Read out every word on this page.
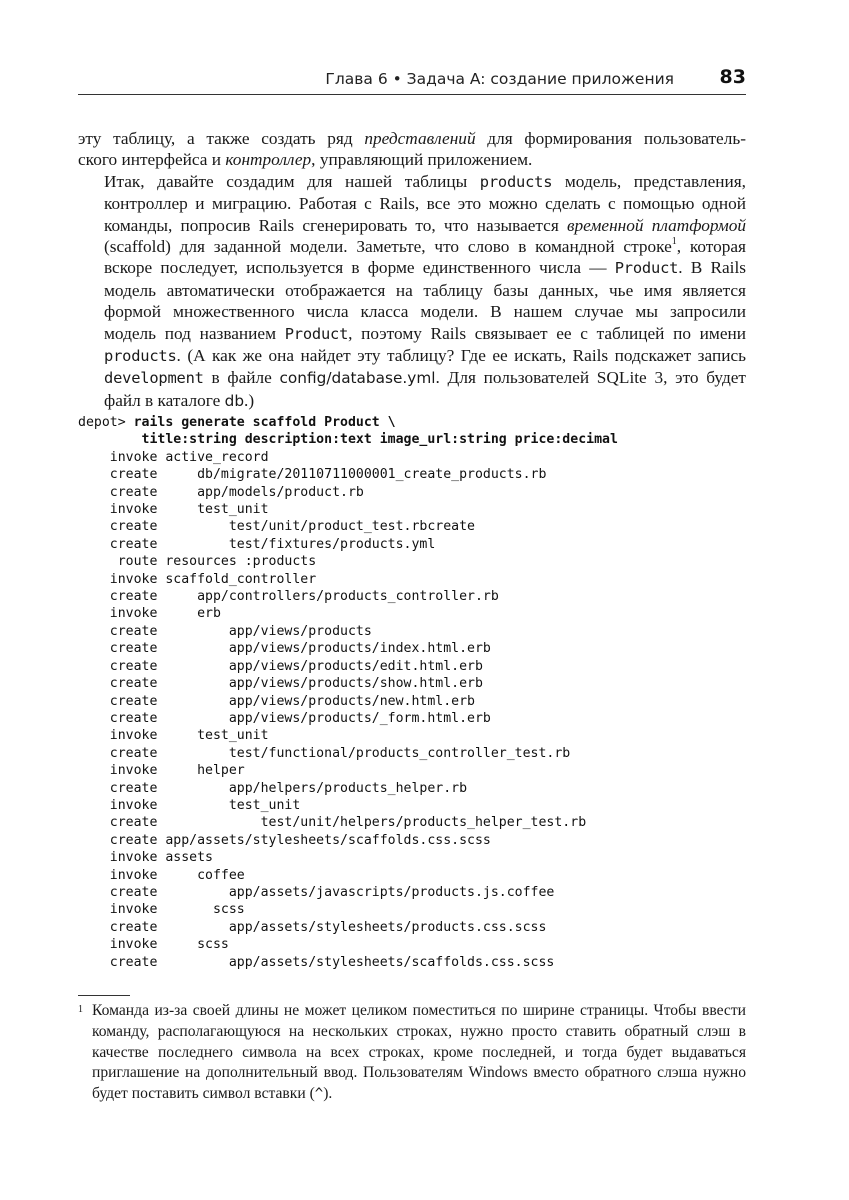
Глава 6 • Задача A: создание приложения 83
эту таблицу, а также создать ряд представлений для формирования пользователь-
ского интерфейса и контроллер, управляющий приложением.
Итак, давайте создадим для нашей таблицы products модель, представления,
контроллер и миграцию. Работая с Rails, все это можно сделать с помощью одной
команды, попросив Rails сгенерировать то, что называется временной платформой
(scaffold) для заданной модели. Заметьте, что слово в командной строке$^1$, которая
вскоре последует, используется в форме единственного числа — Product. В Rails
модель автоматически отображается на таблицу базы данных, чье имя является
формой множественного числа класса модели. В нашем случае мы запросили
модель под названием Product, поэтому Rails связывает ее с таблицей по имени
products. (А как же она найдет эту таблицу? Где ее искать, Rails подскажет запись
development в файле config/database.yml. Для пользователей SQLite 3, это будет
файл в каталоге db.)
depot> rails generate scaffold Product \
title:string description:text image_url:string price:decimal
invoke active_record
create     db/migrate/20110711000001_create_products.rb
create     app/models/product.rb
invoke     test_unit
create         test/unit/product_test.rbcreate
create         test/fixtures/products.yml
route resources :products
invoke scaffold_controller
create     app/controllers/products_controller.rb
invoke     erb
create         app/views/products
create         app/views/products/index.html.erb
create         app/views/products/edit.html.erb
create         app/views/products/show.html.erb
create         app/views/products/new.html.erb
create         app/views/products/_form.html.erb
invoke     test_unit
create         test/functional/products_controller_test.rb
invoke     helper
create         app/helpers/products_helper.rb
invoke         test_unit
create             test/unit/helpers/products_helper_test.rb
create app/assets/stylesheets/scaffolds.css.scss
invoke assets
invoke     coffee
create         app/assets/javascripts/products.js.coffee
invoke       scss
create         app/assets/stylesheets/products.css.scss
invoke     scss
create         app/assets/stylesheets/scaffolds.css.scss
1 Команда из-за своей длины не может целиком поместиться по ширине страницы. Чтобы ввести команду, располагающуюся на нескольких строках, нужно просто ставить обратный слэш в качестве последнего символа на всех строках, кроме последней, и тогда будет выдаваться приглашение на дополнительный ввод. Пользователям Windows вместо обратного слэша нужно будет поставить символ вставки (^).
